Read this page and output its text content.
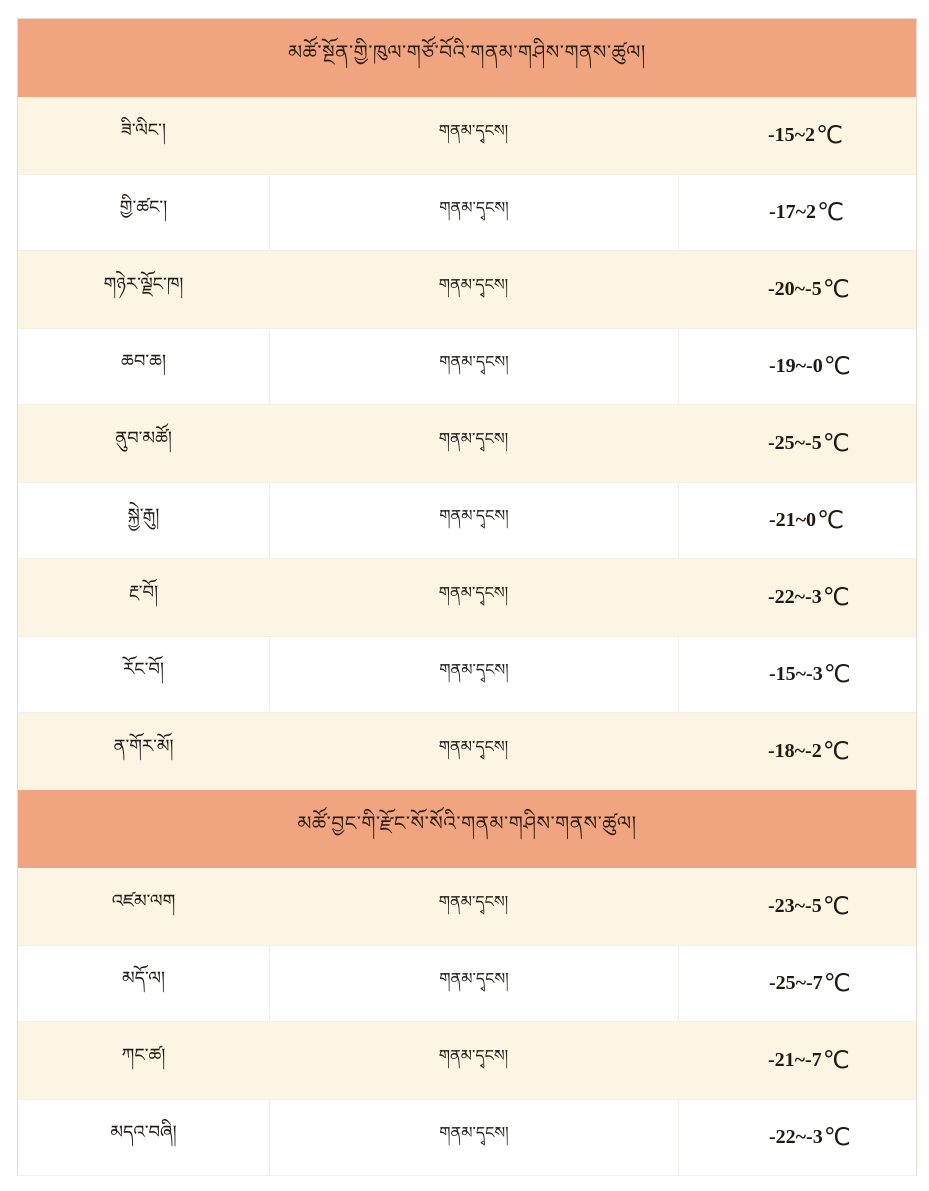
མཚོ་སྔོན་གྱི་ཁུལ་གཙོ་བོའི་གནམ་གཤིས་གནས་ཚུལ།
ཟི་ལིང་།	གནམ་དྭངས།	-15~2 ℃
གྱི་ཚང་།	གནམ་དྭངས།	-17~2 ℃
གཉེར་ལྗོང་ཁ།	གནམ་དྭངས།	-20~-5 ℃
ཆབ་ཆ།	གནམ་དྭངས།	-19~-0 ℃
ནུབ་མཚོ།	གནམ་དྭངས།	-25~-5 ℃
སྐྱེ་རྒུ།	གནམ་དྭངས།	-21~0 ℃
རྔ་བོ།	གནམ་དྭངས།	-22~-3 ℃
རོང་བོ།	གནམ་དྭངས།	-15~-3 ℃
ན་གོར་མོ།	གནམ་དྭངས།	-18~-2 ℃
མཚོ་བྱང་གི་རྫོང་སོ་སོའི་གནམ་གཤིས་གནས་ཚུལ།
འཛམ་ལག	གནམ་དྭངས།	-23~-5 ℃
མདོ་ལ།	གནམ་དྭངས།	-25~-7 ℃
ཀང་ཚ།	གནམ་དྭངས།	-21~-7 ℃
མདའ་བཞི།	གནམ་དྭངས།	-22~-3 ℃
